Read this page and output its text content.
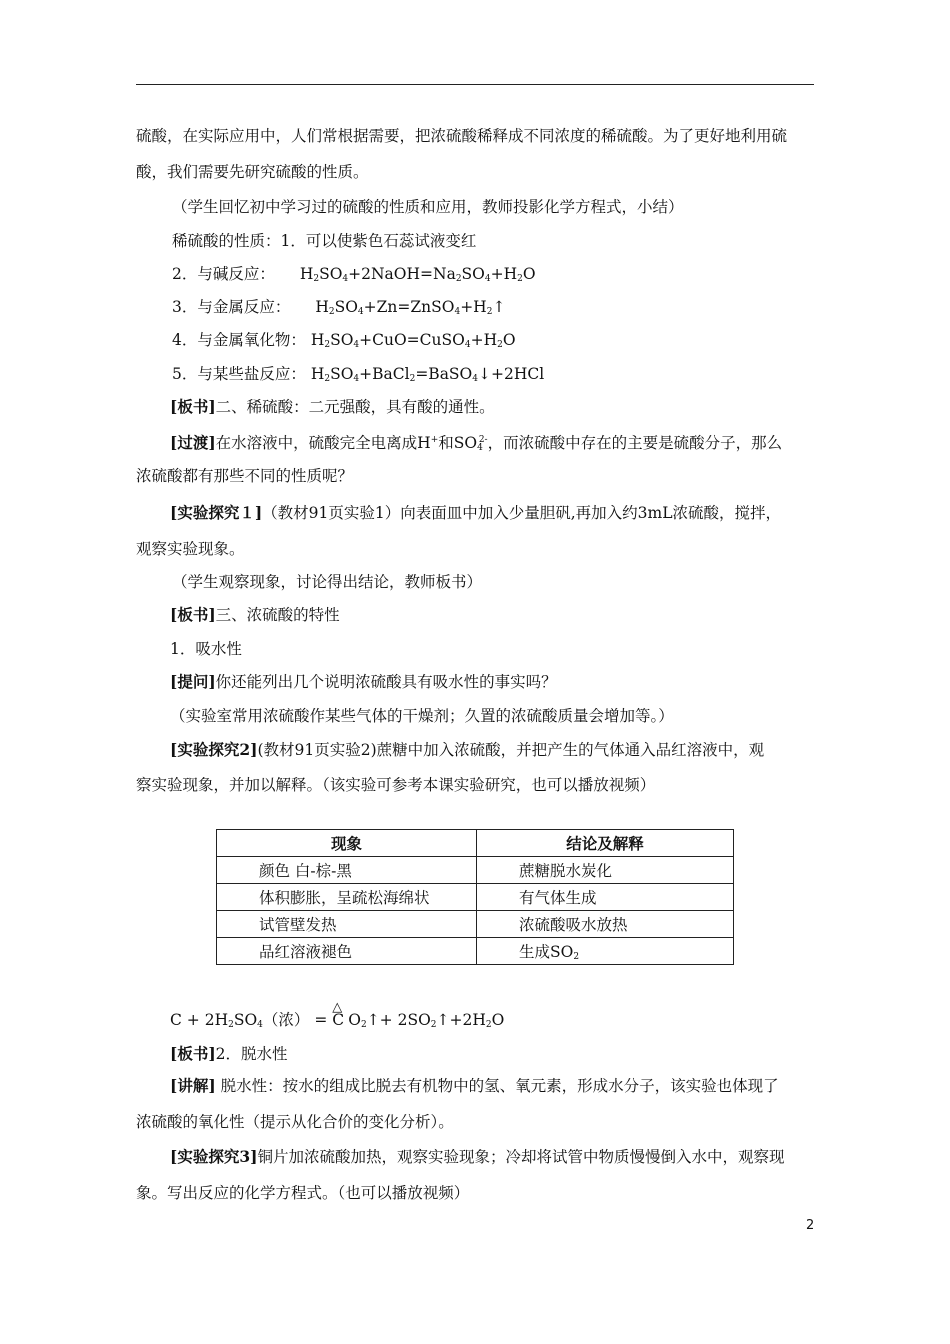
硫酸，在实际应用中，人们常根据需要，把浓硫酸稀释成不同浓度的稀硫酸。为了更好地利用硫
酸，我们需要先研究硫酸的性质。
（学生回忆初中学习过的硫酸的性质和应用，教师投影化学方程式，小结）
稀硫酸的性质：1．可以使紫色石蕊试液变红
2．与碱反应： $H_2SO_4+2NaOH=Na_2SO_4+H_2O$
3．与金属反应： $H_2SO_4+Zn=ZnSO_4+H_2↑$
4．与金属氧化物： $H_2SO_4+CuO=CuSO_4+H_2O$
5．与某些盐反应： $H_2SO_4+BaCl_2=BaSO_4↓+2HCl$
[板书]二、稀硫酸：二元强酸，具有酸的通性。
[过渡]在水溶液中，硫酸完全电离成H+和$SO_4^{2-}$，而浓硫酸中存在的主要是硫酸分子，那么
浓硫酸都有那些不同的性质呢？
[实验探究１]（教材91页实验1）向表面皿中加入少量胆矾,再加入约3mL浓硫酸，搅拌，
观察实验现象。
（学生观察现象，讨论得出结论，教师板书）
[板书]三、浓硫酸的特性
1．吸水性
[提问]你还能列出几个说明浓硫酸具有吸水性的事实吗？
（实验室常用浓硫酸作某些气体的干燥剂；久置的浓硫酸质量会增加等。）
[实验探究2](教材91页实验2)蔗糖中加入浓硫酸，并把产生的气体通入品红溶液中，观
察实验现象，并加以解释。（该实验可参考本课实验研究，也可以播放视频）
现象	结论及解释
颜色 白-棕-黑	蔗糖脱水炭化
体积膨胀，呈疏松海绵状	有气体生成
试管壁发热	浓硫酸吸水放热
品红溶液褪色	生成$SO_2$
$C + 2H_2SO_4$（浓） =
△
C $O_2↑+$ $2SO_2↑+2H_2O$
[板书]2．脱水性
[讲解] 脱水性：按水的组成比脱去有机物中的氢、氧元素，形成水分子，该实验也体现了
浓硫酸的氧化性（提示从化合价的变化分析）。
[实验探究3]铜片加浓硫酸加热，观察实验现象；冷却将试管中物质慢慢倒入水中，观察现
象。写出反应的化学方程式。（也可以播放视频）
2
